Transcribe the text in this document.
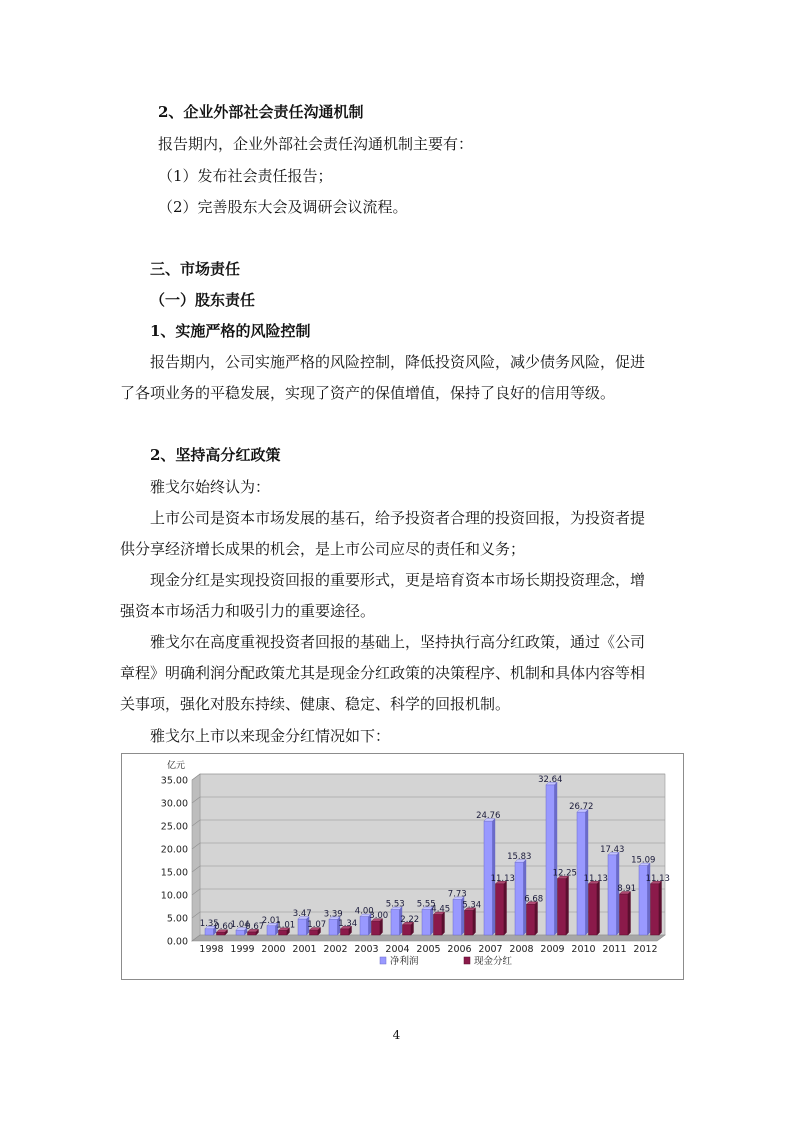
2、企业外部社会责任沟通机制
报告期内，企业外部社会责任沟通机制主要有：
（1）发布社会责任报告；
（2）完善股东大会及调研会议流程。
三、市场责任
（一）股东责任
1、实施严格的风险控制
报告期内，公司实施严格的风险控制，降低投资风险，减少债务风险，促进
了各项业务的平稳发展，实现了资产的保值增值，保持了良好的信用等级。
2、坚持高分红政策
雅戈尔始终认为：
上市公司是资本市场发展的基石，给予投资者合理的投资回报，为投资者提
供分享经济增长成果的机会，是上市公司应尽的责任和义务；
现金分红是实现投资回报的重要形式，更是培育资本市场长期投资理念，增
强资本市场活力和吸引力的重要途径。
雅戈尔在高度重视投资者回报的基础上，坚持执行高分红政策，通过《公司
章程》明确利润分配政策尤其是现金分红政策的决策程序、机制和具体内容等相
关事项，强化对股东持续、健康、稳定、科学的回报机制。
雅戈尔上市以来现金分红情况如下：
0.00
5.00
10.00
15.00
20.00
25.00
30.00
35.00
亿元
1.35
0.60
1998
1.04
0.67
1999
2.01
1.01
2000
3.47
1.07
2001
3.39
1.34
2002
4.00
3.00
2003
5.53
2.22
2004
5.55
4.45
2005
7.73
5.34
2006
24.76
11.13
2007
15.83
6.68
2008
32.64
12.25
2009
26.72
11.13
2010
17.43
8.91
2011
15.09
11.13
2012
净利润	现金分红
4
